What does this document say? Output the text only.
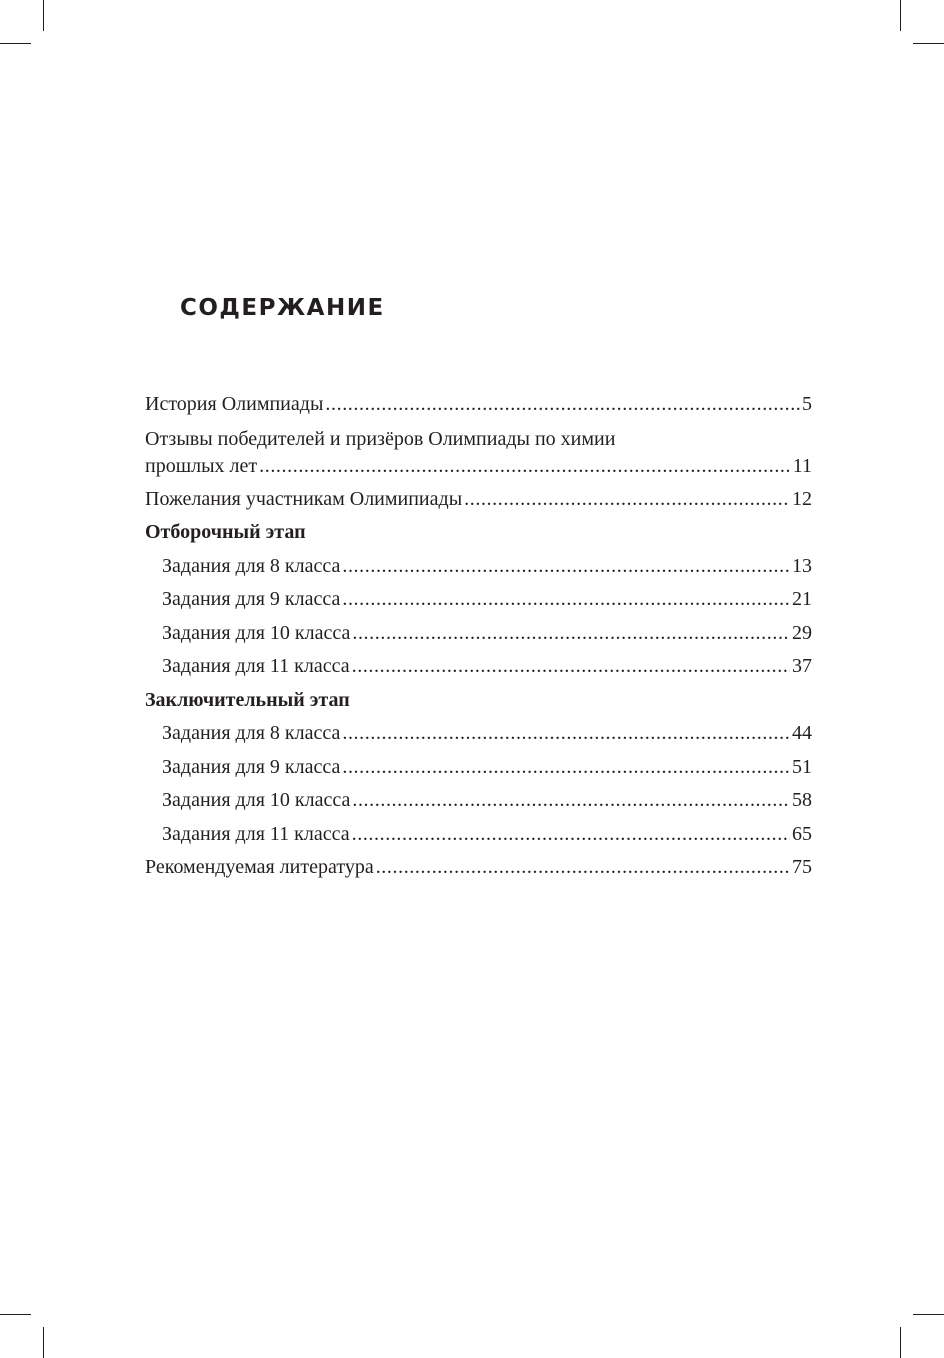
СОДЕРЖАНИЕ
История Олимпиады .....	5
Отзывы победителей и призёров Олимпиады по химии
прошлых лет .....	11
Пожелания участникам Олимипиады .....	12
Отборочный этап
Задания для 8 класса .....	13
Задания для 9 класса .....	21
Задания для 10 класса .....	29
Задания для 11 класса .....	37
Заключительный этап
Задания для 8 класса .....	44
Задания для 9 класса .....	51
Задания для 10 класса .....	58
Задания для 11 класса .....	65
Рекомендуемая литература .....	75
